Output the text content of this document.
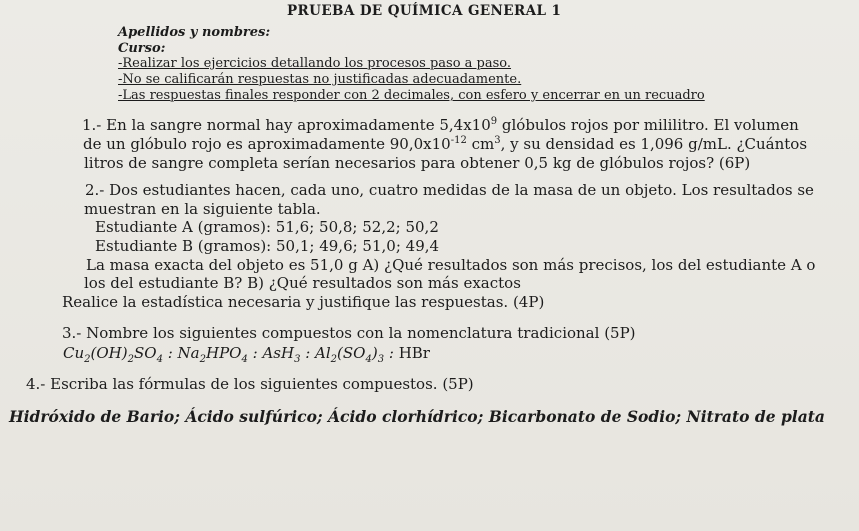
PRUEBA DE QUÍMICA GENERAL 1
Apellidos y nombres:
Curso:
-Realizar los ejercicios detallando los procesos paso a paso.
-No se calificarán respuestas no justificadas adecuadamente.
-Las respuestas finales responder con 2 decimales, con esfero y encerrar en un recuadro
1.- En la sangre normal hay aproximadamente $5,4x10^9$ glóbulos rojos por mililitro. El volumen
de un glóbulo rojo es aproximadamente $90,0x10^{-12}$ $cm^3$, y su densidad es 1,096 g/mL. ¿Cuántos
litros de sangre completa serían necesarios para obtener 0,5 kg de glóbulos rojos? (6P)
2.- Dos estudiantes hacen, cada uno, cuatro medidas de la masa de un objeto. Los resultados se
muestran en la siguiente tabla.
Estudiante A (gramos): 51,6; 50,8; 52,2; 50,2
Estudiante B (gramos): 50,1; 49,6; 51,0; 49,4
La masa exacta del objeto es 51,0 g A) ¿Qué resultados son más precisos, los del estudiante A o
los del estudiante B? B) ¿Qué resultados son más exactos
Realice la estadística necesaria y justifique las respuestas. (4P)
3.- Nombre los siguientes compuestos con la nomenclatura tradicional (5P)
$Cu_2(OH)_2SO_4$ : $Na_2HPO_4$ : AsH$_3$ : $Al_2(SO_4)_3$ : HBr
4.- Escriba las fórmulas de los siguientes compuestos. (5P)
Hidróxido de Bario; Ácido sulfúrico; Ácido clorhídrico; Bicarbonato de Sodio; Nitrato de plata
